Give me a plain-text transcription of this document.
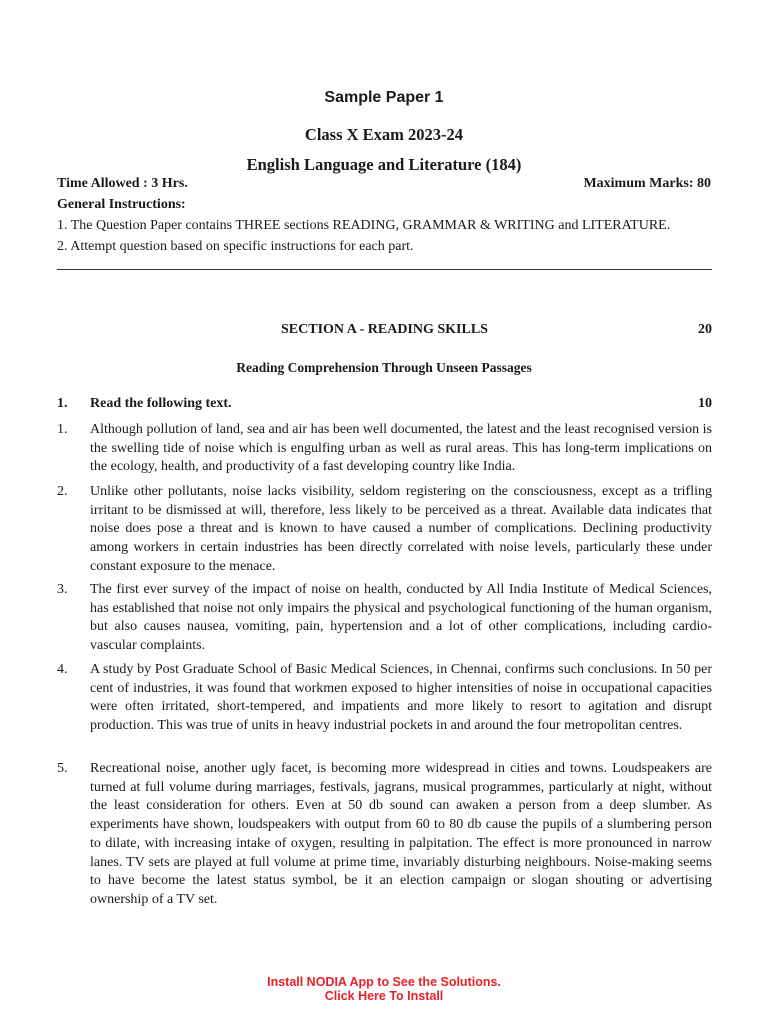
Sample Paper 1
Class X Exam 2023-24
English Language and Literature (184)
Time Allowed : 3 Hrs.	Maximum Marks: 80
General Instructions:
1. The Question Paper contains THREE sections READING, GRAMMAR & WRITING and LITERATURE.
2. Attempt question based on specific instructions for each part.
SECTION A - READING SKILLS	20
Reading Comprehension Through Unseen Passages
1. Read the following text.	10
1. Although pollution of land, sea and air has been well documented, the latest and the least recognised version is the swelling tide of noise which is engulfing urban as well as rural areas. This has long-term implications on the ecology, health, and productivity of a fast developing country like India.
2. Unlike other pollutants, noise lacks visibility, seldom registering on the consciousness, except as a trifling irritant to be dismissed at will, therefore, less likely to be perceived as a threat. Available data indicates that noise does pose a threat and is known to have caused a number of complications. Declining productivity among workers in certain industries has been directly correlated with noise levels, particularly these under constant exposure to the menace.
3. The first ever survey of the impact of noise on health, conducted by All India Institute of Medical Sciences, has established that noise not only impairs the physical and psychological functioning of the human organism, but also causes nausea, vomiting, pain, hypertension and a lot of other complications, including cardio-vascular complaints.
4. A study by Post Graduate School of Basic Medical Sciences, in Chennai, confirms such conclusions. In 50 per cent of industries, it was found that workmen exposed to higher intensities of noise in occupational capacities were often irritated, short-tempered, and impatients and more likely to resort to agitation and disrupt production. This was true of units in heavy industrial pockets in and around the four metropolitan centres.
5. Recreational noise, another ugly facet, is becoming more widespread in cities and towns. Loudspeakers are turned at full volume during marriages, festivals, jagrans, musical programmes, particularly at night, without the least consideration for others. Even at 50 db sound can awaken a person from a deep slumber. As experiments have shown, loudspeakers with output from 60 to 80 db cause the pupils of a slumbering person to dilate, with increasing intake of oxygen, resulting in palpitation. The effect is more pronounced in narrow lanes. TV sets are played at full volume at prime time, invariably disturbing neighbours. Noise-making seems to have become the latest status symbol, be it an election campaign or slogan shouting or advertising ownership of a TV set.
Install NODIA App to See the Solutions.
Click Here To Install
